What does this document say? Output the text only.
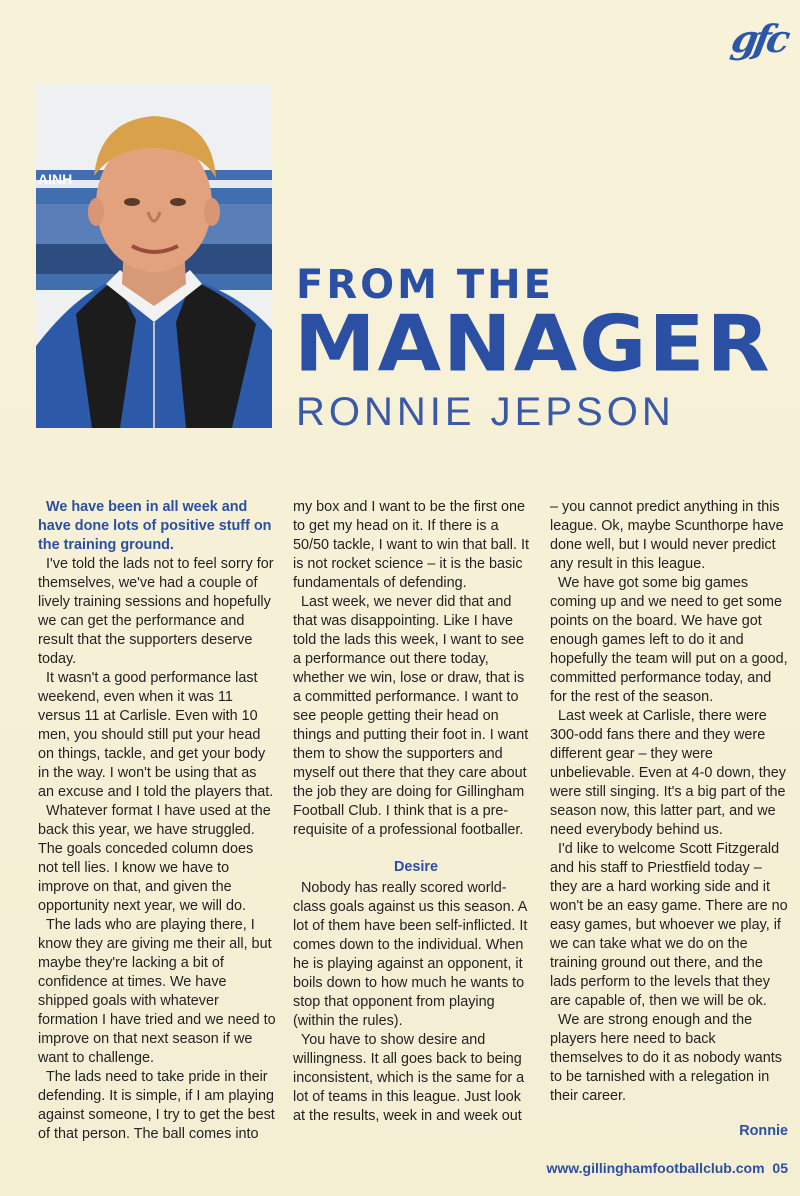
gfc
AINH
FROM THE
MANAGER
RONNIE JEPSON

We have been in all week and have done lots of positive stuff on the training ground.

I've told the lads not to feel sorry for themselves, we've had a couple of lively training sessions and hopefully we can get the performance and result that the supporters deserve today.

It wasn't a good performance last weekend, even when it was 11 versus 11 at Carlisle. Even with 10 men, you should still put your head on things, tackle, and get your body in the way. I won't be using that as an excuse and I told the players that.

Whatever format I have used at the back this year, we have struggled. The goals conceded column does not tell lies. I know we have to improve on that, and given the opportunity next year, we will do.

The lads who are playing there, I know they are giving me their all, but maybe they're lacking a bit of confidence at times. We have shipped goals with whatever formation I have tried and we need to improve on that next season if we want to challenge.

The lads need to take pride in their defending. It is simple, if I am playing against someone, I try to get the best of that person. The ball comes into

my box and I want to be the first one to get my head on it. If there is a 50/50 tackle, I want to win that ball. It is not rocket science – it is the basic fundamentals of defending.

Last week, we never did that and that was disappointing. Like I have told the lads this week, I want to see a performance out there today, whether we win, lose or draw, that is a committed performance. I want to see people getting their head on things and putting their foot in. I want them to show the supporters and myself out there that they care about the job they are doing for Gillingham Football Club. I think that is a pre-requisite of a professional footballer.

Desire

Nobody has really scored world-class goals against us this season. A lot of them have been self-inflicted. It comes down to the individual. When he is playing against an opponent, it boils down to how much he wants to stop that opponent from playing (within the rules).

You have to show desire and willingness. It all goes back to being inconsistent, which is the same for a lot of teams in this league. Just look at the results, week in and week out

– you cannot predict anything in this league. Ok, maybe Scunthorpe have done well, but I would never predict any result in this league.

We have got some big games coming up and we need to get some points on the board. We have got enough games left to do it and hopefully the team will put on a good, committed performance today, and for the rest of the season.

Last week at Carlisle, there were 300-odd fans there and they were different gear – they were unbelievable. Even at 4-0 down, they were still singing. It's a big part of the season now, this latter part, and we need everybody behind us.

I'd like to welcome Scott Fitzgerald and his staff to Priestfield today – they are a hard working side and it won't be an easy game. There are no easy games, but whoever we play, if we can take what we do on the training ground out there, and the lads perform to the levels that they are capable of, then we will be ok.

We are strong enough and the players here need to back themselves to do it as nobody wants to be tarnished with a relegation in their career.

Ronnie

www.gillinghamfootballclub.com 05
